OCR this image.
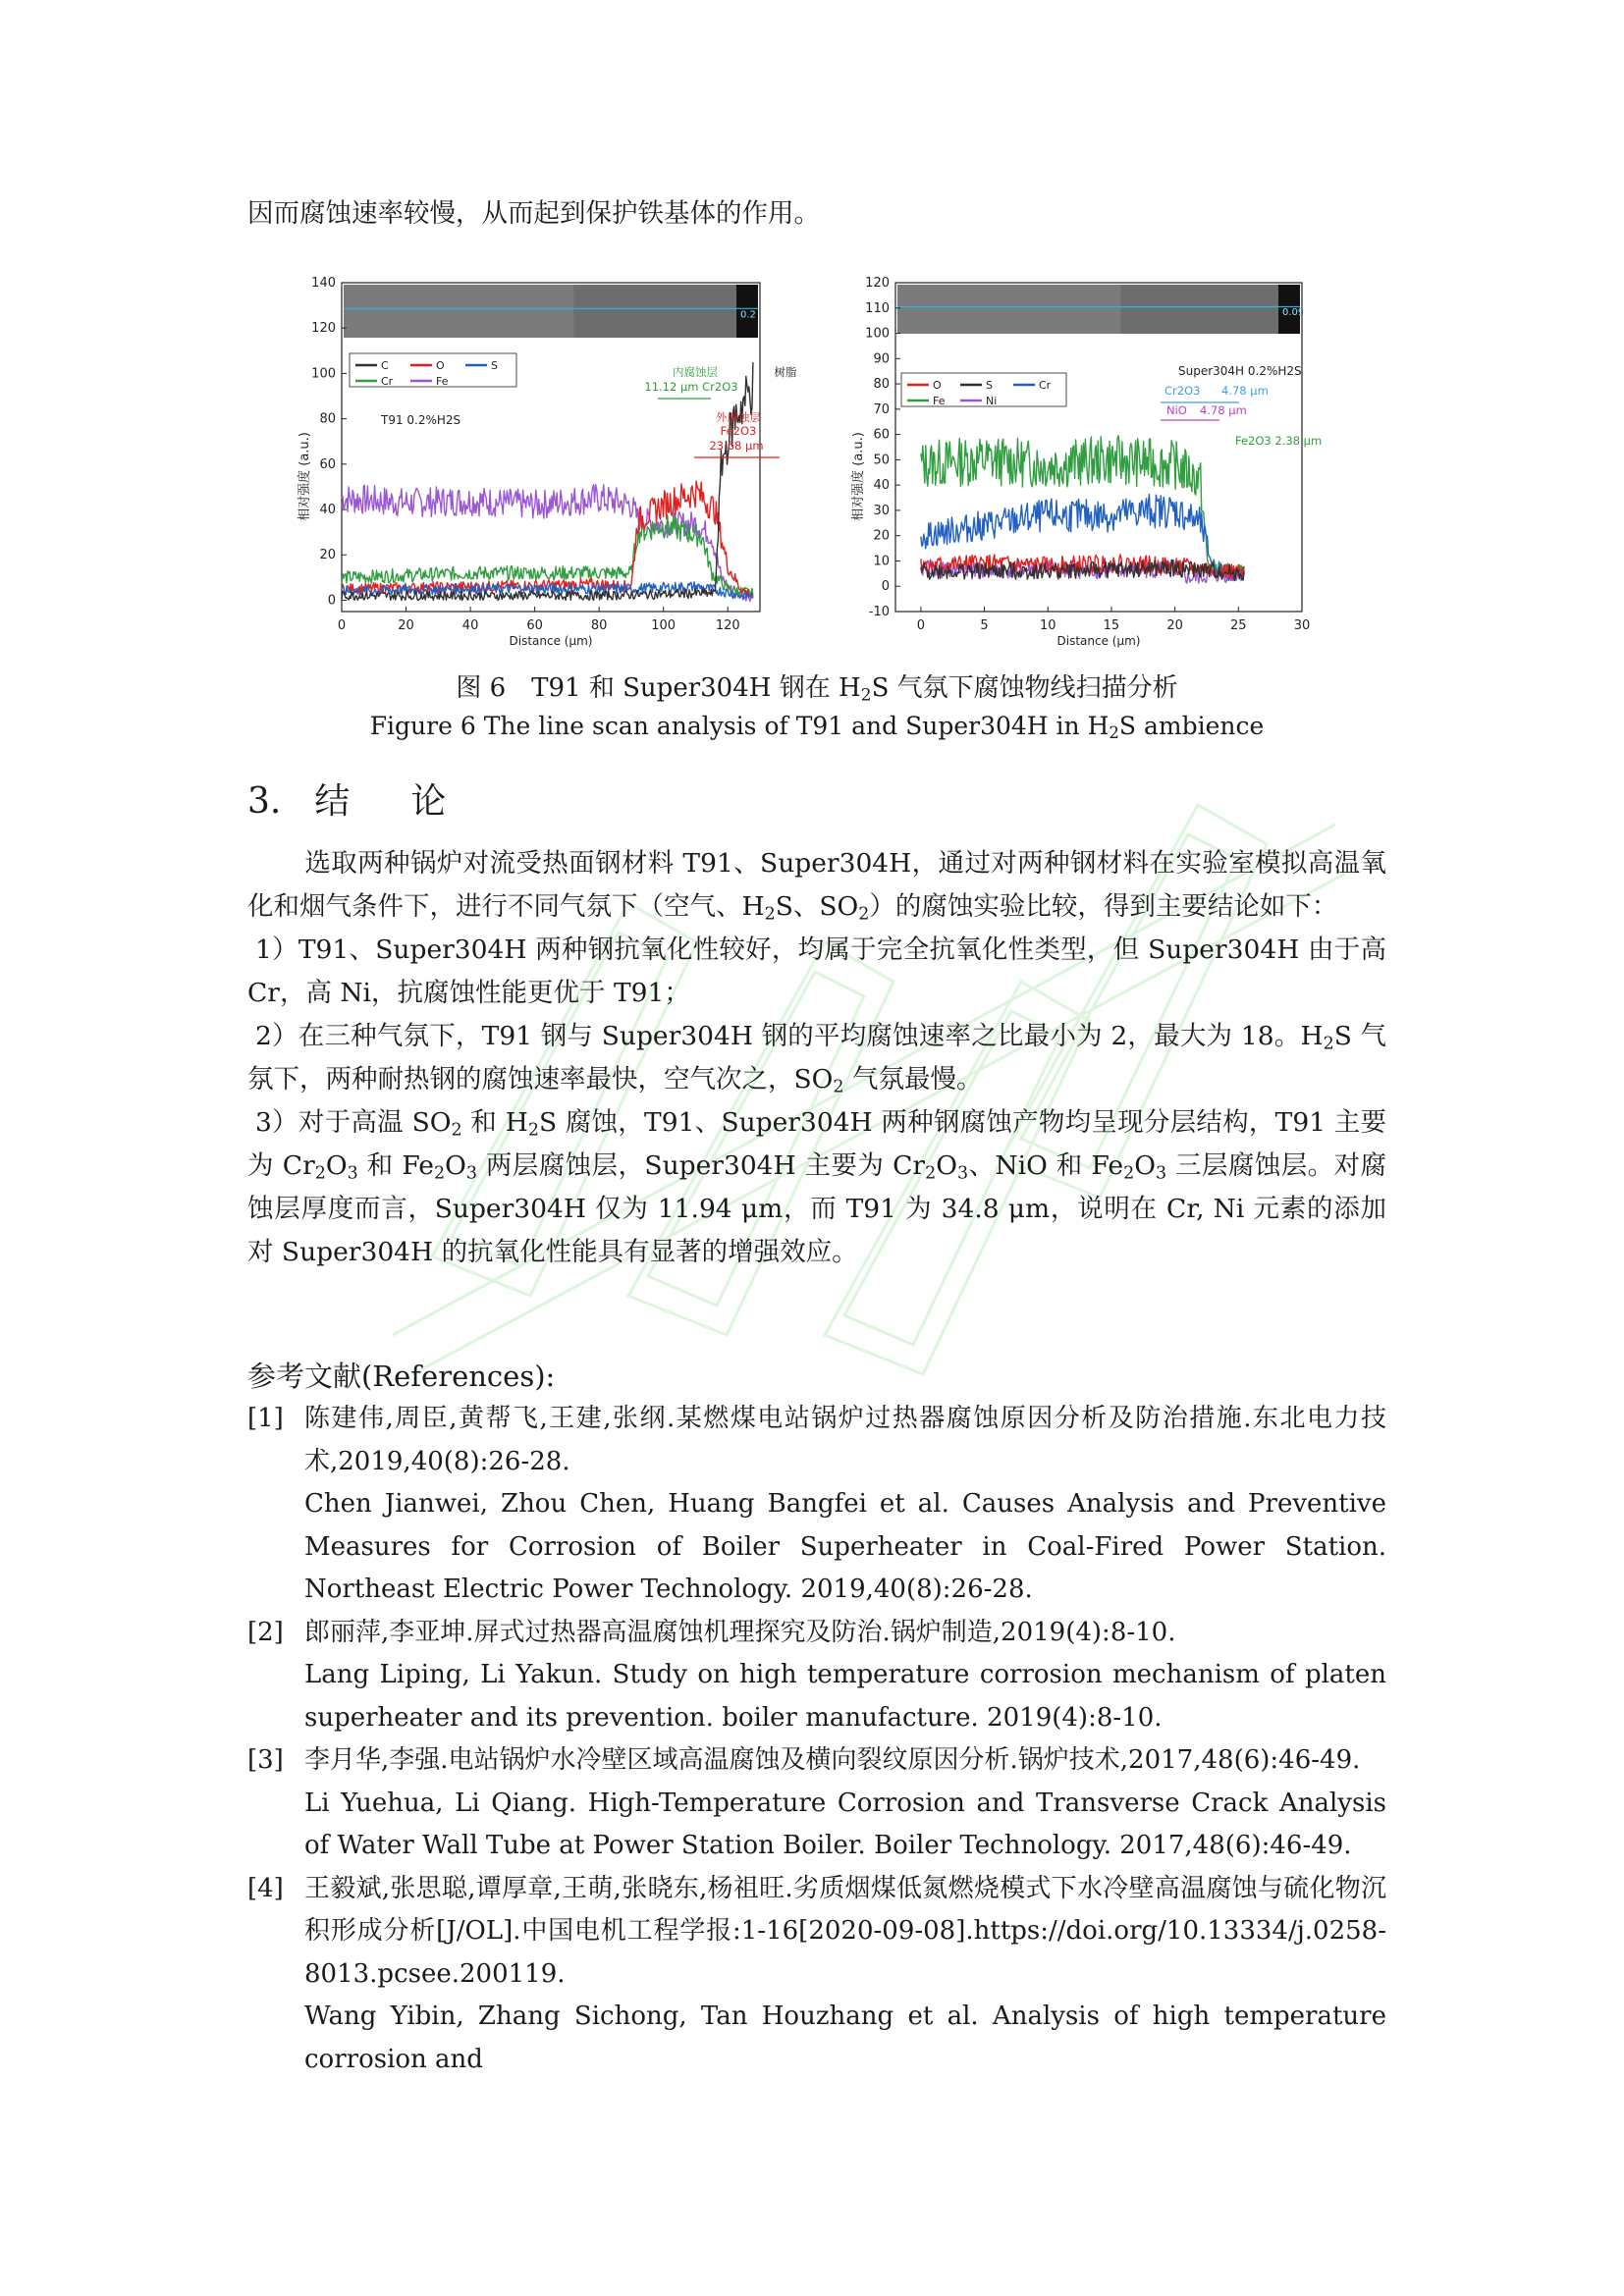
因而腐蚀速率较慢，从而起到保护铁基体的作用。

0.2
0	20	40	60	80	100	120
0
20
40
60
80
100
120
140
Distance (μm)
相对强度 (a.u.)
C	O	S
Cr	Fe
T91 0.2%H2S
内腐蚀层
11.12 μm Cr2O3
外腐蚀层
Fe2O3
23.68 μm
树脂
0.09
0	5	10	15	20	25	30
-10
0
10
20
30
40
50
60
70
80
90
100
110
120
Distance (μm)
相对强度 (a.u.)
O	S	Cr
Fe	Ni
Super304H 0.2%H2S
Cr2O3 4.78 μm
NiO 4.78 μm
Fe2O3 2.38 μm

图 6　T91 和 Super304H 钢在 $H_2S$ 气氛下腐蚀物线扫描分析

Figure 6 The line scan analysis of T91 and Super304H in $H_2S$ ambience

3. 结 论
选取两种锅炉对流受热面钢材料 T91、Super304H，通过对两种钢材料在实验室模拟高温氧化和烟气条件下，进行不同气氛下（空气、$H_2S$、$SO_2$）的腐蚀实验比较，得到主要结论如下：
1）T91、Super304H 两种钢抗氧化性较好，均属于完全抗氧化性类型，但 Super304H 由于高 Cr，高 Ni，抗腐蚀性能更优于 T91；
2）在三种气氛下，T91 钢与 Super304H 钢的平均腐蚀速率之比最小为 2，最大为 18。$H_2S$ 气氛下，两种耐热钢的腐蚀速率最快，空气次之，$SO_2$ 气氛最慢。
3）对于高温 $SO_2$ 和 $H_2S$ 腐蚀，T91、Super304H 两种钢腐蚀产物均呈现分层结构，T91 主要为 $Cr_2O_3$ 和 $Fe_2O_3$ 两层腐蚀层，Super304H 主要为 $Cr_2O_3$、NiO 和 $Fe_2O_3$ 三层腐蚀层。对腐蚀层厚度而言，Super304H 仅为 11.94 μm，而 T91 为 34.8 μm，说明在 Cr, Ni 元素的添加对 Super304H 的抗氧化性能具有显著的增强效应。

参考文献(References):

[1] 陈建伟,周臣,黄帮飞,王建,张纲.某燃煤电站锅炉过热器腐蚀原因分析及防治措施.东北电力技术,2019,40(8):26-28.
Chen Jianwei, Zhou Chen, Huang Bangfei et al. Causes Analysis and Preventive Measures for Corrosion of Boiler Superheater in Coal-Fired Power Station. Northeast Electric Power Technology. 2019,40(8):26-28.
[2] 郎丽萍,李亚坤.屏式过热器高温腐蚀机理探究及防治.锅炉制造,2019(4):8-10.
Lang Liping, Li Yakun. Study on high temperature corrosion mechanism of platen superheater and its prevention. boiler manufacture. 2019(4):8-10.
[3] 李月华,李强.电站锅炉水冷壁区域高温腐蚀及横向裂纹原因分析.锅炉技术,2017,48(6):46-49.
Li Yuehua, Li Qiang. High-Temperature Corrosion and Transverse Crack Analysis of Water Wall Tube at Power Station Boiler. Boiler Technology. 2017,48(6):46-49.
[4] 王毅斌,张思聪,谭厚章,王萌,张晓东,杨祖旺.劣质烟煤低氮燃烧模式下水冷壁高温腐蚀与硫化物沉积形成分析[J/OL].中国电机工程学报:1-16[2020-09-08].https://doi.org/10.13334/j.0258-8013.pcsee.200119.
Wang Yibin, Zhang Sichong, Tan Houzhang et al. Analysis of high temperature corrosion and
